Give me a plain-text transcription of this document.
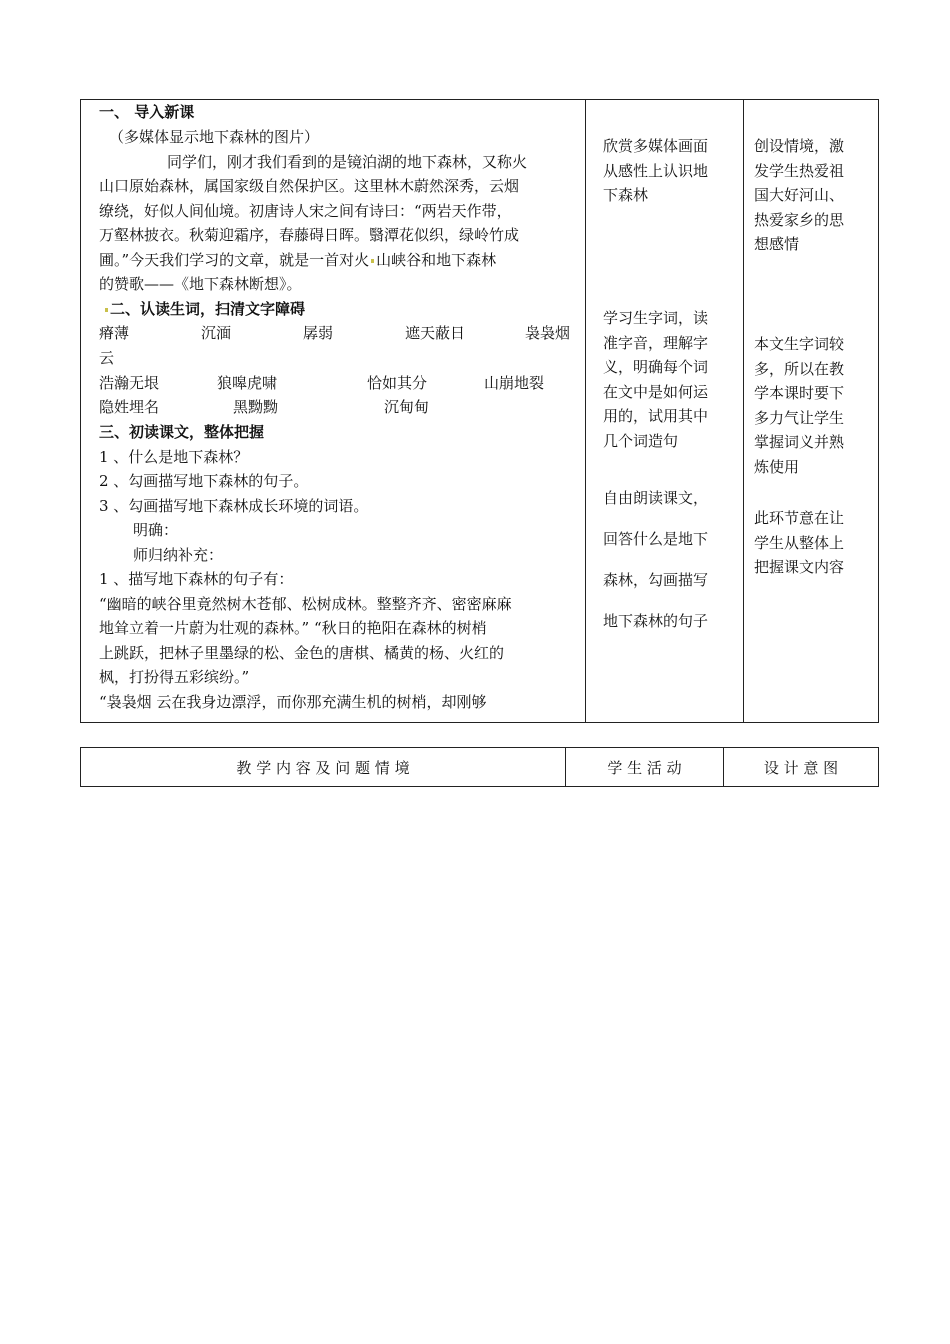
一、 导入新课
（多媒体显示地下森林的图片）
同学们，刚才我们看到的是镜泊湖的地下森林，又称火
山口原始森林，属国家级自然保护区。这里林木蔚然深秀，云烟
缭绕，好似人间仙境。初唐诗人宋之间有诗曰：“两岩天作带，
万壑林披衣。秋菊迎霜序，春藤碍日晖。翳潭花似织，绿岭竹成
圃。”今天我们学习的文章，就是一首对火 山峡谷和地下森林
的赞歌——《地下森林断想》。
二、认读生词，扫清文字障碍
瘠薄	沉湎	孱弱	遮天蔽日	袅袅烟
云
浩瀚无垠	狼嗥虎啸	恰如其分	山崩地裂
隐姓埋名	黑黝黝	沉甸甸
三、初读课文，整体把握
1 、什么是地下森林？
2 、勾画描写地下森林的句子。
3 、勾画描写地下森林成长环境的词语。
明确：
师归纳补充：
1 、描写地下森林的句子有：
“幽暗的峡谷里竟然树木苍郁、松树成林。整整齐齐、密密麻麻
地耸立着一片蔚为壮观的森林。” “秋日的艳阳在森林的树梢
上跳跃，把林子里墨绿的松、金色的唐棋、橘黄的杨、火红的
枫，打扮得五彩缤纷。”
“袅袅烟 云在我身边漂浮，而你那充满生机的树梢，却刚够

欣赏多媒体画面
从感性上认识地
下森林
学习生字词，读
准字音，理解字
义，明确每个词
在文中是如何运
用的，试用其中
几个词造句
自由朗读课文，
回答什么是地下
森林，勾画描写
地下森林的句子

创设情境，激
发学生热爱祖
国大好河山、
热爱家乡的思
想感情
本文生字词较
多，所以在教
学本课时要下
多力气让学生
掌握词义并熟
炼使用
此环节意在让
学生从整体上
把握课文内容
教 学 内 容 及 问 题 情 境	学 生 活 动	设 计 意 图
